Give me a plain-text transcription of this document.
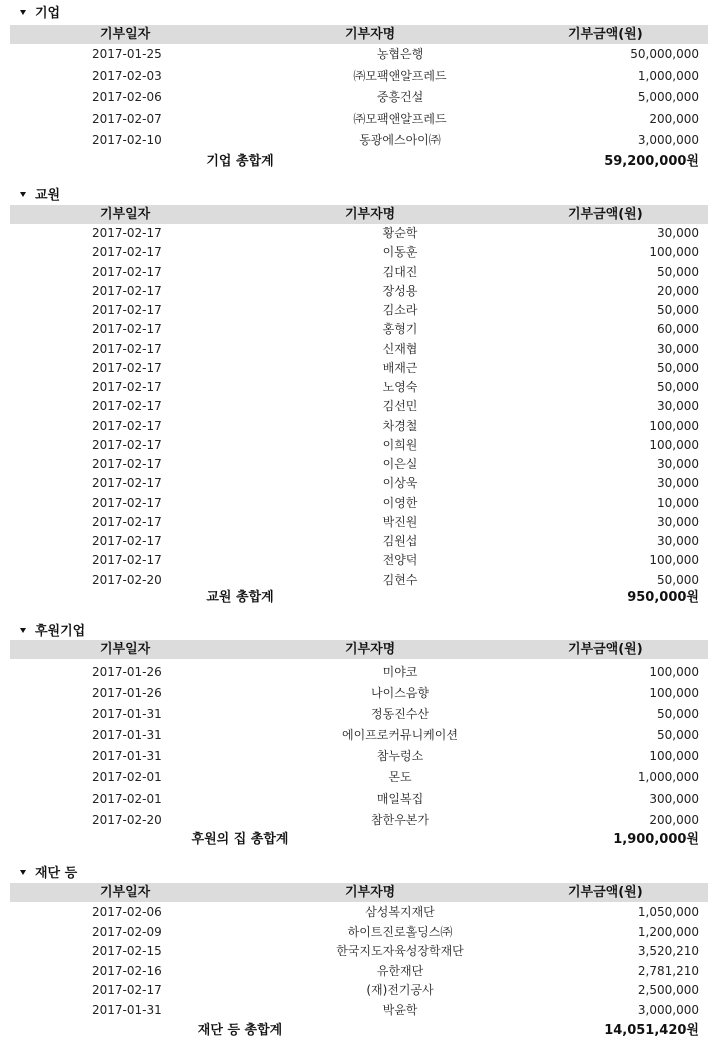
기업
기부일자	기부자명	기부금액(원)
2017-01-25	농협은행	50,000,000
2017-02-03	㈜모팩앤알프레드	1,000,000
2017-02-06	중흥건설	5,000,000
2017-02-07	㈜모팩앤알프레드	200,000
2017-02-10	동광에스아이㈜	3,000,000
기업 총합계	59,200,000원
교원
기부일자	기부자명	기부금액(원)
2017-02-17	황순학	30,000
2017-02-17	이동훈	100,000
2017-02-17	김대진	50,000
2017-02-17	장성용	20,000
2017-02-17	김소라	50,000
2017-02-17	홍형기	60,000
2017-02-17	신재협	30,000
2017-02-17	배재근	50,000
2017-02-17	노영숙	50,000
2017-02-17	김선민	30,000
2017-02-17	차경철	100,000
2017-02-17	이희원	100,000
2017-02-17	이은실	30,000
2017-02-17	이상욱	30,000
2017-02-17	이영한	10,000
2017-02-17	박진원	30,000
2017-02-17	김원섭	30,000
2017-02-17	전양덕	100,000
2017-02-20	김현수	50,000
교원 총합계	950,000원
후원기업
기부일자	기부자명	기부금액(원)
2017-01-26	미야코	100,000
2017-01-26	나이스음향	100,000
2017-01-31	정동진수산	50,000
2017-01-31	에이프로커뮤니케이션	50,000
2017-01-31	참누렁소	100,000
2017-02-01	몬도	1,000,000
2017-02-01	매일복집	300,000
2017-02-20	참한우본가	200,000
후원의 집 총합계	1,900,000원
재단 등
기부일자	기부자명	기부금액(원)
2017-02-06	삼성복지재단	1,050,000
2017-02-09	하이트진로홀딩스㈜	1,200,000
2017-02-15	한국지도자육성장학재단	3,520,210
2017-02-16	유한재단	2,781,210
2017-02-17	(재)전기공사	2,500,000
2017-01-31	박윤학	3,000,000
재단 등 총합계	14,051,420원
